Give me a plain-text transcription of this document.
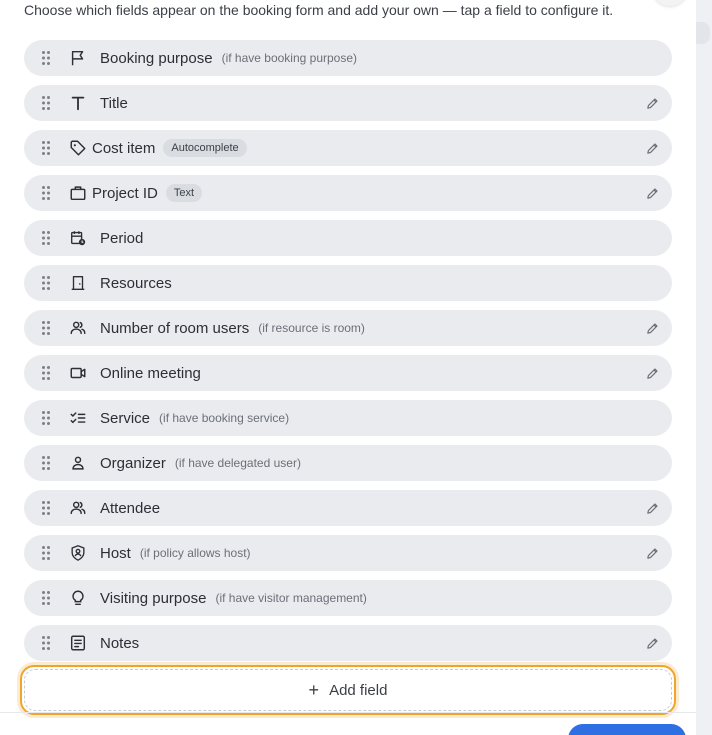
Choose which fields appear on the booking form and add your own — tap a field to configure it.

Booking purpose (if have booking purpose)
Title
Cost item	Autocomplete
Project ID	Text
Period
Resources
Number of room users (if resource is room)
Online meeting
Service (if have booking service)
Organizer (if have delegated user)
Attendee
Host (if policy allows host)
Visiting purpose (if have visitor management)
Notes
+ Add field
